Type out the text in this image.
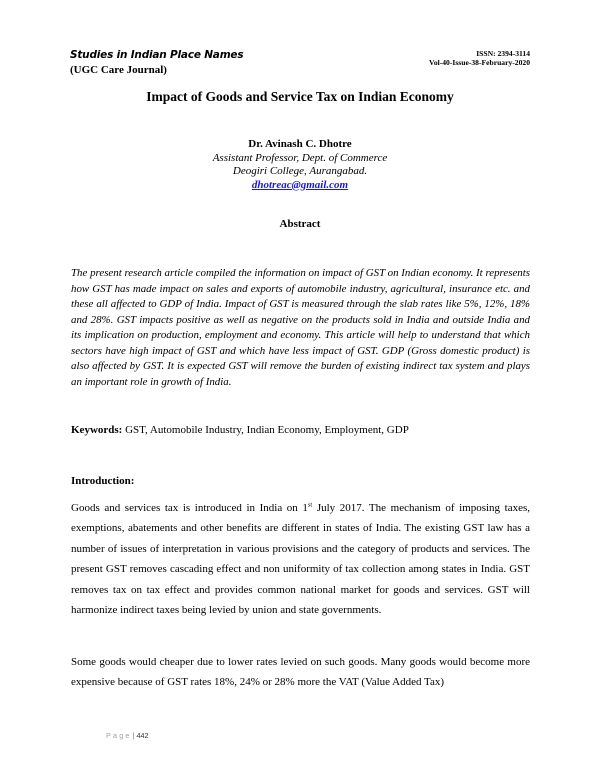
Studies in Indian Place Names
(UGC Care Journal)
ISSN: 2394-3114
Vol-40-Issue-38-February-2020
Impact of Goods and Service Tax on Indian Economy
Dr. Avinash C. Dhotre
Assistant Professor, Dept. of Commerce
Deogiri College, Aurangabad.
dhotreac@gmail.com
Abstract
The present research article compiled the information on impact of GST on Indian economy. It represents how GST has made impact on sales and exports of automobile industry, agricultural, insurance etc. and these all affected to GDP of India. Impact of GST is measured through the slab rates like 5%, 12%, 18% and 28%. GST impacts positive as well as negative on the products sold in India and outside India and its implication on production, employment and economy. This article will help to understand that which sectors have high impact of GST and which have less impact of GST. GDP (Gross domestic product) is also affected by GST. It is expected GST will remove the burden of existing indirect tax system and plays an important role in growth of India.
Keywords: GST, Automobile Industry, Indian Economy, Employment, GDP
Introduction:
Goods and services tax is introduced in India on 1st July 2017. The mechanism of imposing taxes, exemptions, abatements and other benefits are different in states of India. The existing GST law has a number of issues of interpretation in various provisions and the category of products and services. The present GST removes cascading effect and non uniformity of tax collection among states in India. GST removes tax on tax effect and provides common national market for goods and services. GST will harmonize indirect taxes being levied by union and state governments.
Some goods would cheaper due to lower rates levied on such goods. Many goods would become more expensive because of GST rates 18%, 24% or 28% more the VAT (Value Added Tax)
Page| 442
